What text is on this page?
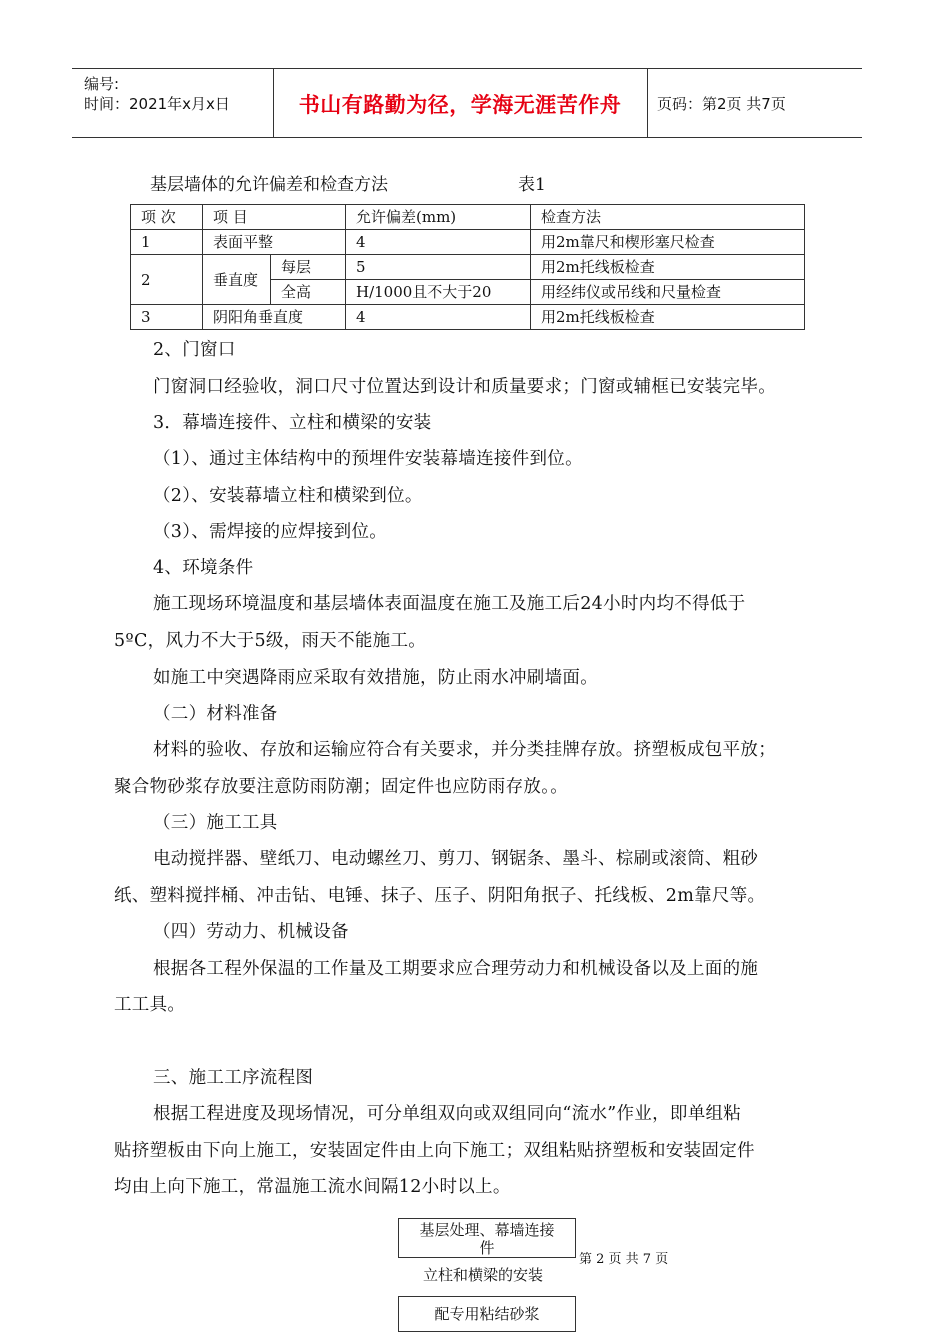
编号:
时间：2021年x月x日	书山有路勤为径，学海无涯苦作舟	页码：第2页 共7页
基层墙体的允许偏差和检查方法	表1
项 次	项 目		允许偏差(mm)	检查方法
1	表面平整		4	用2m靠尺和楔形塞尺检查
2	垂直度	每层	5	用2m托线板检查
		全高	H/1000且不大于20	用经纬仪或吊线和尺量检查
3	阴阳角垂直度		4	用2m托线板检查
2、门窗口
门窗洞口经验收，洞口尺寸位置达到设计和质量要求；门窗或辅框已安装完毕。
3．幕墙连接件、立柱和横梁的安装
（1）、通过主体结构中的预埋件安装幕墙连接件到位。
（2）、安装幕墙立柱和横梁到位。
（3）、需焊接的应焊接到位。
4、环境条件
施工现场环境温度和基层墙体表面温度在施工及施工后24小时内均不得低于
5ºC，风力不大于5级，雨天不能施工。
如施工中突遇降雨应采取有效措施，防止雨水冲刷墙面。
（二）材料准备
材料的验收、存放和运输应符合有关要求，并分类挂牌存放。挤塑板成包平放；
聚合物砂浆存放要注意防雨防潮；固定件也应防雨存放。。
（三）施工工具
电动搅拌器、壁纸刀、电动螺丝刀、剪刀、钢锯条、墨斗、棕刷或滚筒、粗砂
纸、塑料搅拌桶、冲击钻、电锤、抹子、压子、阴阳角抿子、托线板、2m靠尺等。
（四）劳动力、机械设备
根据各工程外保温的工作量及工期要求应合理劳动力和机械设备以及上面的施
工工具。
三、施工工序流程图
根据工程进度及现场情况，可分单组双向或双组同向“流水”作业，即单组粘
贴挤塑板由下向上施工，安装固定件由上向下施工；双组粘贴挤塑板和安装固定件
均由上向下施工，常温施工流水间隔12小时以上。
基层处理、幕墙连接
件
第 2 页 共 7 页
立柱和横梁的安装
配专用粘结砂浆
